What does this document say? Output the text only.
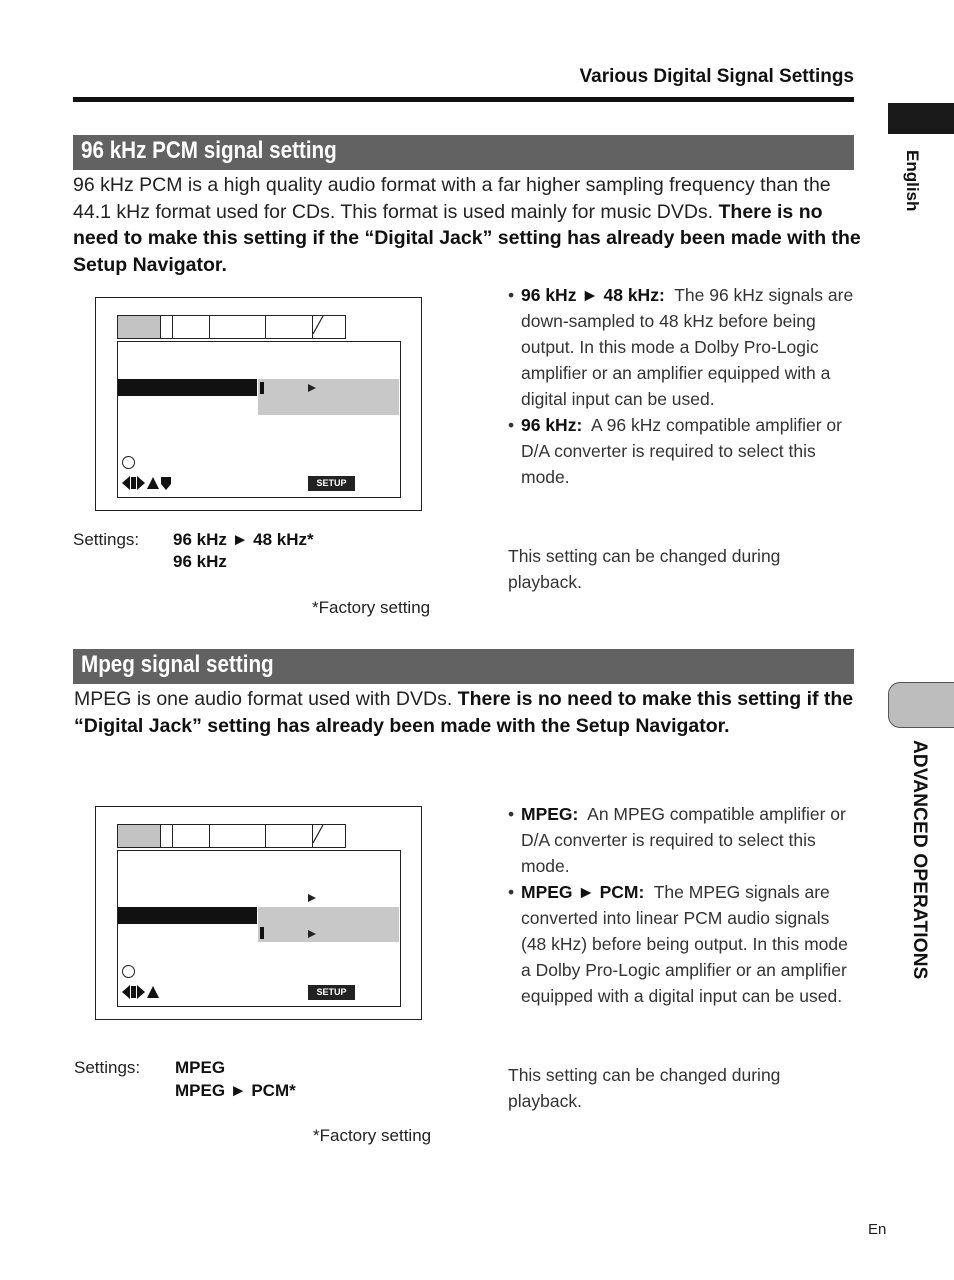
Various Digital Signal Settings
English
ADVANCED OPERATIONS
96 kHz PCM signal setting
96 kHz PCM is a high quality audio format with a far higher sampling frequency than the 44.1 kHz format used for CDs. This format is used mainly for music DVDs. There is no need to make this setting if the “Digital Jack” setting has already been made with the Setup Navigator.
SETUP
Settings: 96 kHz ► 48 kHz*
96 kHz
*Factory setting
• 96 kHz ► 48 kHz: The 96 kHz signals are down-sampled to 48 kHz before being output. In this mode a Dolby Pro-Logic amplifier or an amplifier equipped with a digital input can be used.
• 96 kHz: A 96 kHz compatible amplifier or D/A converter is required to select this mode.
This setting can be changed during playback.
Mpeg signal setting
MPEG is one audio format used with DVDs. There is no need to make this setting if the “Digital Jack” setting has already been made with the Setup Navigator.
SETUP
Settings: MPEG
MPEG ► PCM*
*Factory setting
• MPEG: An MPEG compatible amplifier or D/A converter is required to select this mode.
• MPEG ► PCM: The MPEG signals are converted into linear PCM audio signals (48 kHz) before being output. In this mode a Dolby Pro-Logic amplifier or an amplifier equipped with a digital input can be used.
This setting can be changed during playback.
En
